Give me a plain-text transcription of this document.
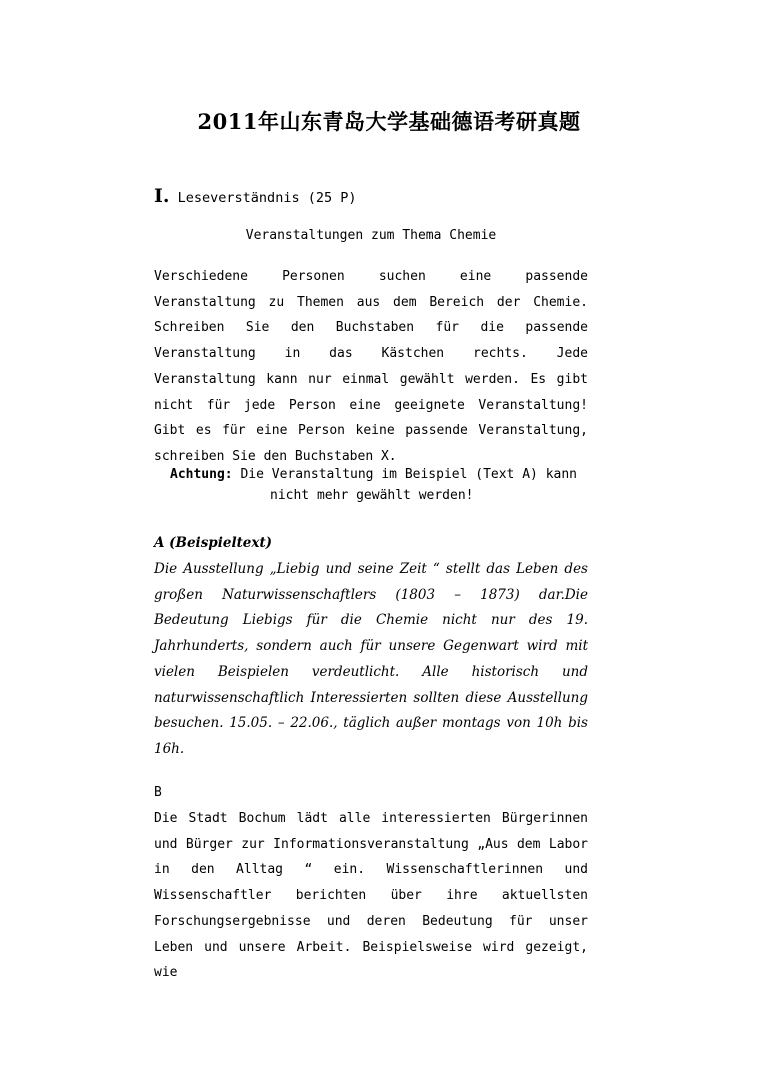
2011年山东青岛大学基础德语考研真题
I. Leseverständnis (25 P)
Veranstaltungen zum Thema Chemie
Verschiedene Personen suchen eine passende Veranstaltung zu Themen aus dem Bereich der Chemie. Schreiben Sie den Buchstaben für die passende Veranstaltung in das Kästchen rechts. Jede Veranstaltung kann nur einmal gewählt werden. Es gibt nicht für jede Person eine geeignete Veranstaltung! Gibt es für eine Person keine passende Veranstaltung, schreiben Sie den Buchstaben X.
Achtung: Die Veranstaltung im Beispiel (Text A) kann
nicht mehr gewählt werden!
A (Beispieltext)
Die Ausstellung „Liebig und seine Zeit “ stellt das Leben des großen Naturwissenschaftlers (1803 – 1873) dar.Die Bedeutung Liebigs für die Chemie nicht nur des 19. Jahrhunderts, sondern auch für unsere Gegenwart wird mit vielen Beispielen verdeutlicht. Alle historisch und naturwissenschaftlich Interessierten sollten diese Ausstellung besuchen. 15.05. – 22.06., täglich außer montags von 10h bis 16h.
B
Die Stadt Bochum lädt alle interessierten Bürgerinnen und Bürger zur Informationsveranstaltung „Aus dem Labor in den Alltag “ ein. Wissenschaftlerinnen und Wissenschaftler berichten über ihre aktuellsten Forschungsergebnisse und deren Bedeutung für unser Leben und unsere Arbeit. Beispielsweise wird gezeigt, wie
